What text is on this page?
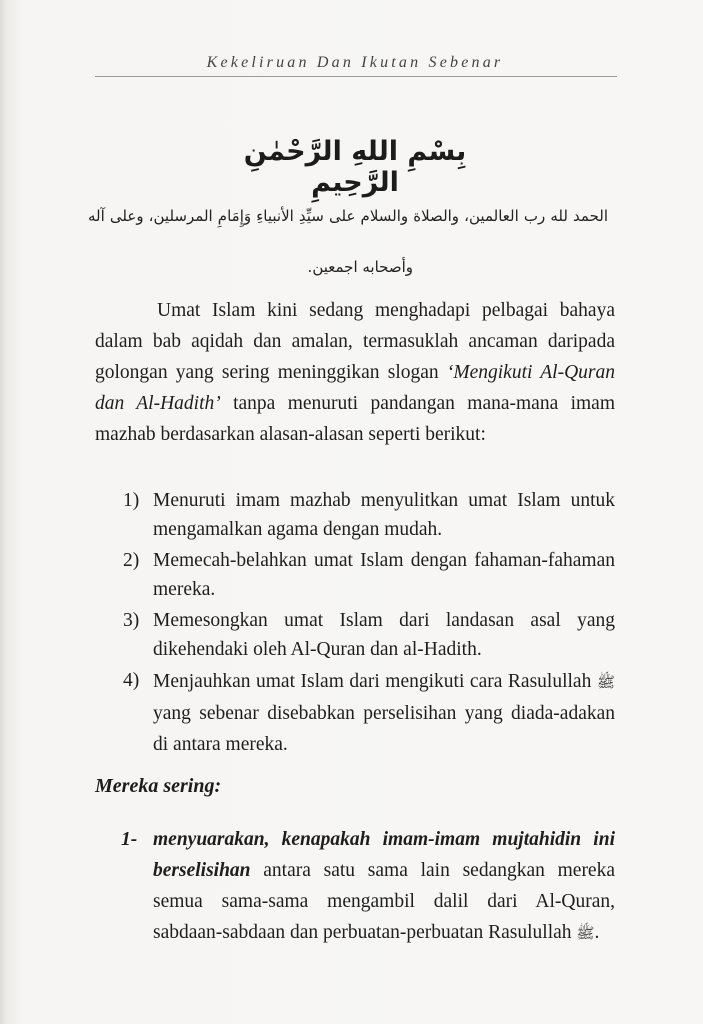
Kekeliruan Dan Ikutan Sebenar
بِسْمِ اللهِ الرَّحْمٰنِ الرَّحِيمِ
الحمد لله رب العالمين، والصلاة والسلام على سيِّدِ الأنبياءِ وَإِمَامِ المرسلين، وعلى آله
وأصحابه اجمعين.

Umat Islam kini sedang menghadapi pelbagai bahaya dalam bab aqidah dan amalan, termasuklah ancaman daripada golongan yang sering meninggikan slogan ‘Mengikuti Al-Quran dan Al-Hadith’ tanpa menuruti pandangan mana-mana imam mazhab berdasarkan alasan-alasan seperti berikut:

1) Menuruti imam mazhab menyulitkan umat Islam untuk mengamalkan agama dengan mudah.
2) Memecah-belahkan umat Islam dengan fahaman-fahaman mereka.
3) Memesongkan umat Islam dari landasan asal yang dikehendaki oleh Al-Quran dan al-Hadith.
4) Menjauhkan umat Islam dari mengikuti cara Rasulullah ﷺ yang sebenar disebabkan perselisihan yang diada-adakan di antara mereka.
Mereka sering:
1- menyuarakan, kenapakah imam-imam mujtahidin ini berselisihan antara satu sama lain sedangkan mereka semua sama-sama mengambil dalil dari Al-Quran, sabdaan-sabdaan dan perbuatan-perbuatan Rasulullah ﷺ.
